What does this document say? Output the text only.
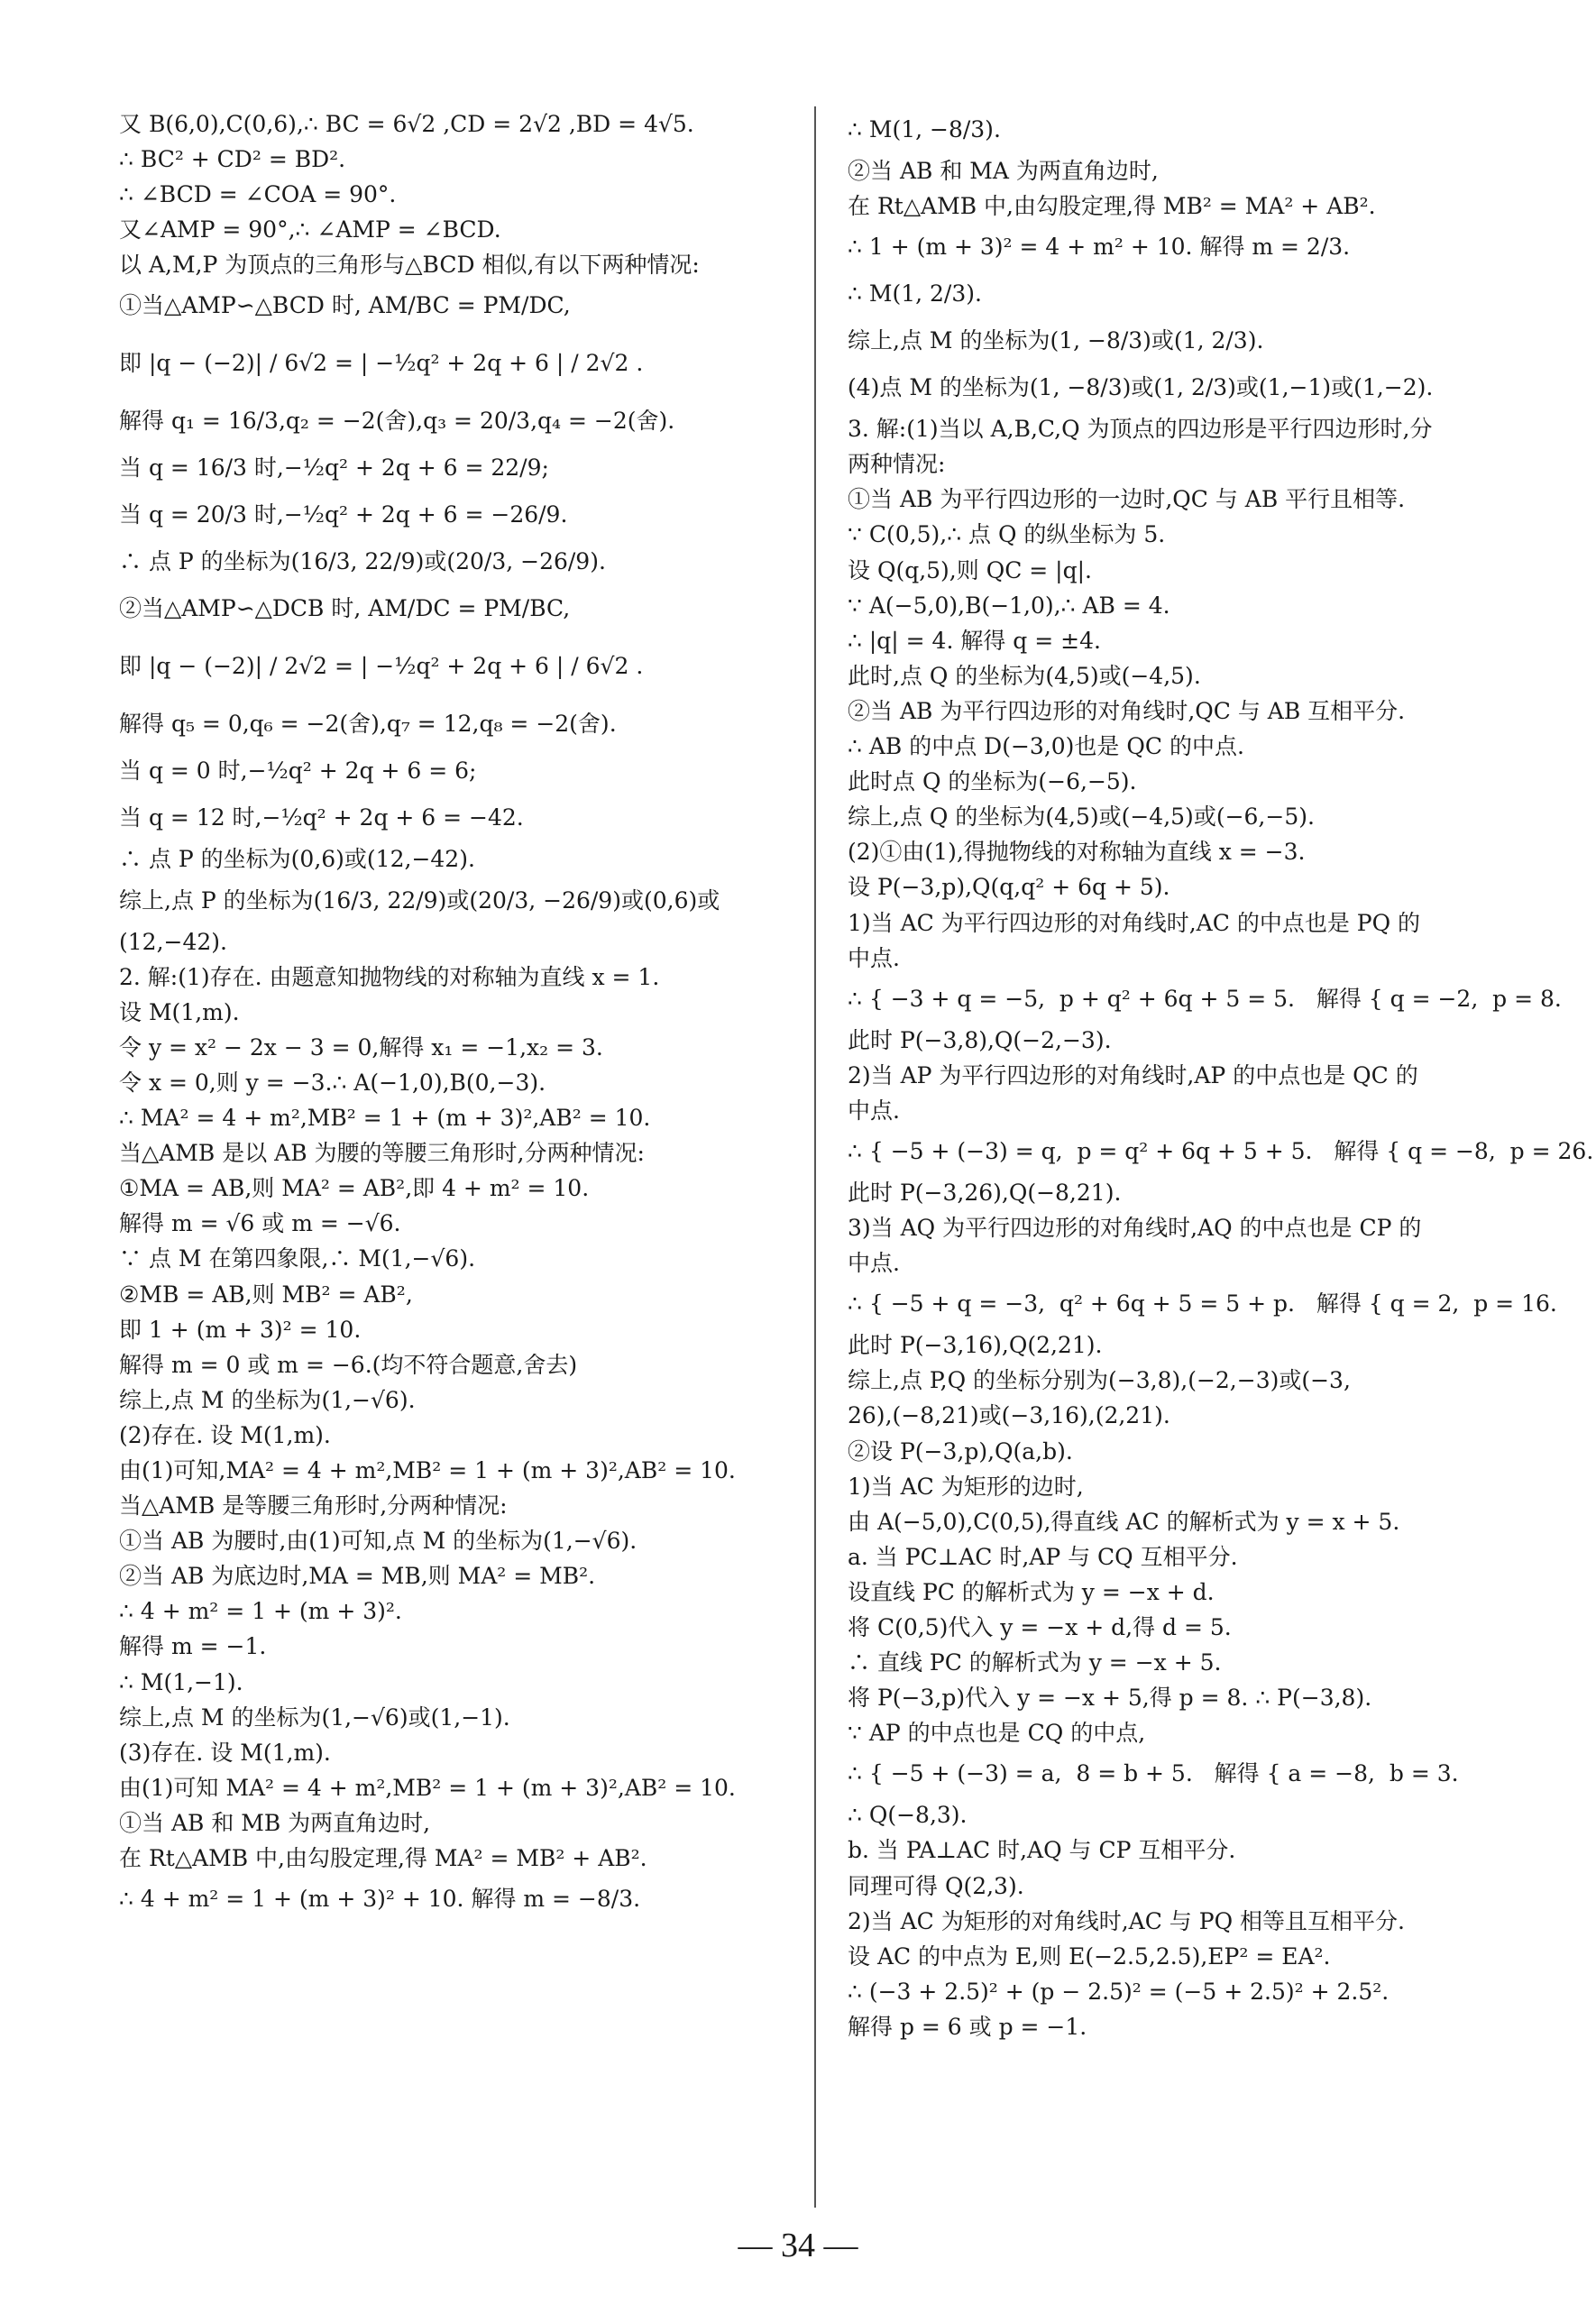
又 B(6,0),C(0,6),∴ BC = 6√2 ,CD = 2√2 ,BD = 4√5.
∴ BC² + CD² = BD².
∴ ∠BCD = ∠COA = 90°.
又∠AMP = 90°,∴ ∠AMP = ∠BCD.
以 A,M,P 为顶点的三角形与△BCD 相似,有以下两种情况:
①当△AMP∽△BCD 时, AM/BC = PM/DC,
即 |q − (−2)| / 6√2 = | −½q² + 2q + 6 | / 2√2 .
解得 q₁ = 16/3,q₂ = −2(舍),q₃ = 20/3,q₄ = −2(舍).
当 q = 16/3 时,−½q² + 2q + 6 = 22/9;
当 q = 20/3 时,−½q² + 2q + 6 = −26/9.
∴ 点 P 的坐标为(16/3, 22/9)或(20/3, −26/9).
②当△AMP∽△DCB 时, AM/DC = PM/BC,
即 |q − (−2)| / 2√2 = | −½q² + 2q + 6 | / 6√2 .
解得 q₅ = 0,q₆ = −2(舍),q₇ = 12,q₈ = −2(舍).
当 q = 0 时,−½q² + 2q + 6 = 6;
当 q = 12 时,−½q² + 2q + 6 = −42.
∴ 点 P 的坐标为(0,6)或(12,−42).
综上,点 P 的坐标为(16/3, 22/9)或(20/3, −26/9)或(0,6)或
(12,−42).
2. 解:(1)存在. 由题意知抛物线的对称轴为直线 x = 1.
设 M(1,m).
令 y = x² − 2x − 3 = 0,解得 x₁ = −1,x₂ = 3.
令 x = 0,则 y = −3.∴ A(−1,0),B(0,−3).
∴ MA² = 4 + m²,MB² = 1 + (m + 3)²,AB² = 10.
当△AMB 是以 AB 为腰的等腰三角形时,分两种情况:
①MA = AB,则 MA² = AB²,即 4 + m² = 10.
解得 m = √6 或 m = −√6.
∵ 点 M 在第四象限,∴ M(1,−√6).
②MB = AB,则 MB² = AB²,
即 1 + (m + 3)² = 10.
解得 m = 0 或 m = −6.(均不符合题意,舍去)
综上,点 M 的坐标为(1,−√6).
(2)存在. 设 M(1,m).
由(1)可知,MA² = 4 + m²,MB² = 1 + (m + 3)²,AB² = 10.
当△AMB 是等腰三角形时,分两种情况:
①当 AB 为腰时,由(1)可知,点 M 的坐标为(1,−√6).
②当 AB 为底边时,MA = MB,则 MA² = MB².
∴ 4 + m² = 1 + (m + 3)².
解得 m = −1.
∴ M(1,−1).
综上,点 M 的坐标为(1,−√6)或(1,−1).
(3)存在. 设 M(1,m).
由(1)可知 MA² = 4 + m²,MB² = 1 + (m + 3)²,AB² = 10.
①当 AB 和 MB 为两直角边时,
在 Rt△AMB 中,由勾股定理,得 MA² = MB² + AB².
∴ 4 + m² = 1 + (m + 3)² + 10. 解得 m = −8/3.
∴ M(1, −8/3).
②当 AB 和 MA 为两直角边时,
在 Rt△AMB 中,由勾股定理,得 MB² = MA² + AB².
∴ 1 + (m + 3)² = 4 + m² + 10. 解得 m = 2/3.
∴ M(1, 2/3).
综上,点 M 的坐标为(1, −8/3)或(1, 2/3).
(4)点 M 的坐标为(1, −8/3)或(1, 2/3)或(1,−1)或(1,−2).
3. 解:(1)当以 A,B,C,Q 为顶点的四边形是平行四边形时,分
两种情况:
①当 AB 为平行四边形的一边时,QC 与 AB 平行且相等.
∵ C(0,5),∴ 点 Q 的纵坐标为 5.
设 Q(q,5),则 QC = |q|.
∵ A(−5,0),B(−1,0),∴ AB = 4.
∴ |q| = 4. 解得 q = ±4.
此时,点 Q 的坐标为(4,5)或(−4,5).
②当 AB 为平行四边形的对角线时,QC 与 AB 互相平分.
∴ AB 的中点 D(−3,0)也是 QC 的中点.
此时点 Q 的坐标为(−6,−5).
综上,点 Q 的坐标为(4,5)或(−4,5)或(−6,−5).
(2)①由(1),得抛物线的对称轴为直线 x = −3.
设 P(−3,p),Q(q,q² + 6q + 5).
1)当 AC 为平行四边形的对角线时,AC 的中点也是 PQ 的
中点.
∴ { −3 + q = −5,  p + q² + 6q + 5 = 5.   解得 { q = −2,  p = 8.
此时 P(−3,8),Q(−2,−3).
2)当 AP 为平行四边形的对角线时,AP 的中点也是 QC 的
中点.
∴ { −5 + (−3) = q,  p = q² + 6q + 5 + 5.   解得 { q = −8,  p = 26.
此时 P(−3,26),Q(−8,21).
3)当 AQ 为平行四边形的对角线时,AQ 的中点也是 CP 的
中点.
∴ { −5 + q = −3,  q² + 6q + 5 = 5 + p.   解得 { q = 2,  p = 16.
此时 P(−3,16),Q(2,21).
综上,点 P,Q 的坐标分别为(−3,8),(−2,−3)或(−3,
26),(−8,21)或(−3,16),(2,21).
②设 P(−3,p),Q(a,b).
1)当 AC 为矩形的边时,
由 A(−5,0),C(0,5),得直线 AC 的解析式为 y = x + 5.
a. 当 PC⊥AC 时,AP 与 CQ 互相平分.
设直线 PC 的解析式为 y = −x + d.
将 C(0,5)代入 y = −x + d,得 d = 5.
∴ 直线 PC 的解析式为 y = −x + 5.
将 P(−3,p)代入 y = −x + 5,得 p = 8. ∴ P(−3,8).
∵ AP 的中点也是 CQ 的中点,
∴ { −5 + (−3) = a,  8 = b + 5.   解得 { a = −8,  b = 3.
∴ Q(−8,3).
b. 当 PA⊥AC 时,AQ 与 CP 互相平分.
同理可得 Q(2,3).
2)当 AC 为矩形的对角线时,AC 与 PQ 相等且互相平分.
设 AC 的中点为 E,则 E(−2.5,2.5),EP² = EA².
∴ (−3 + 2.5)² + (p − 2.5)² = (−5 + 2.5)² + 2.5².
解得 p = 6 或 p = −1.
— 34 —
